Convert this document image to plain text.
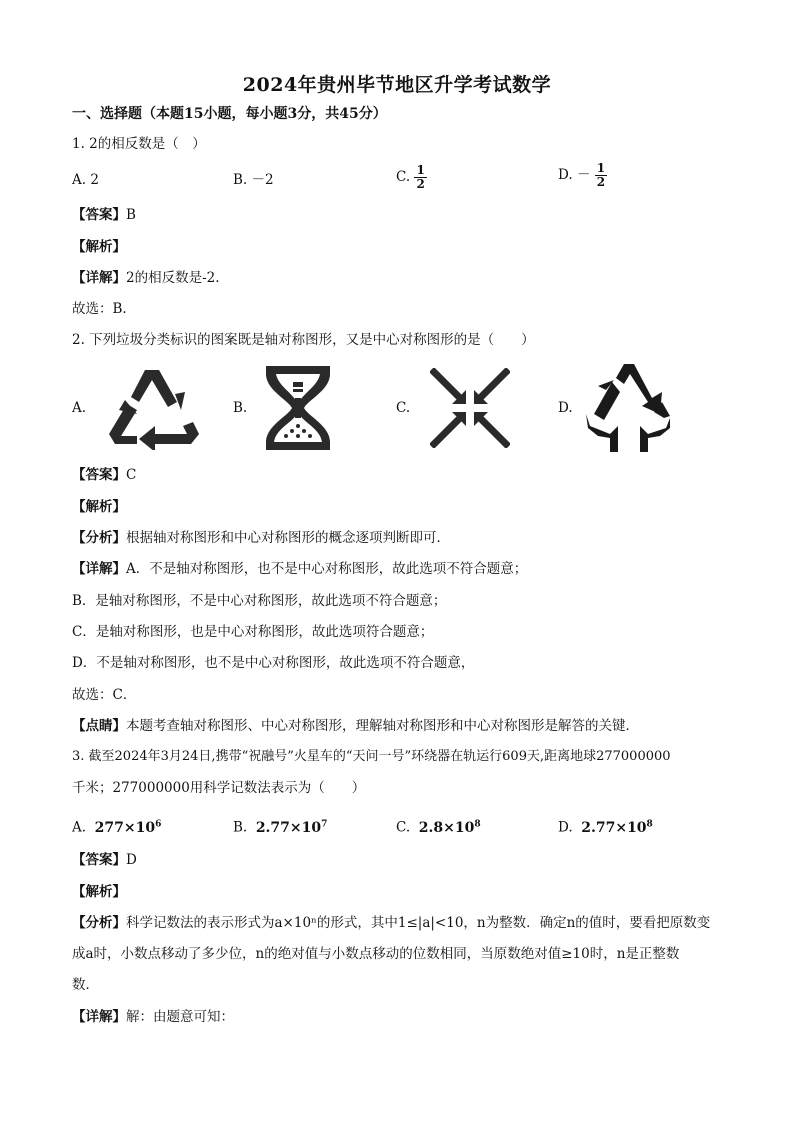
2024年贵州毕节地区升学考试数学
一、选择题（本题15小题，每小题3分，共45分）
1. 2的相反数是（　）
A. 2	B. －2	C. $\frac{1}{2}$	D. － $\frac{1}{2}$
【答案】B
【解析】
【详解】2的相反数是-2.
故选：B.
2. 下列垃圾分类标识的图案既是轴对称图形，又是中心对称图形的是（　　）
A.	B.	C.	D.
【答案】C
【解析】
【分析】根据轴对称图形和中心对称图形的概念逐项判断即可．
【详解】A．不是轴对称图形，也不是中心对称图形，故此选项不符合题意；
B．是轴对称图形，不是中心对称图形，故此选项不符合题意；
C．是轴对称图形，也是中心对称图形，故此选项符合题意；
D．不是轴对称图形，也不是中心对称图形，故此选项不符合题意，
故选：C．
【点睛】本题考查轴对称图形、中心对称图形，理解轴对称图形和中心对称图形是解答的关键．
3. 截至2024年3月24日,携带“祝融号”火星车的“天问一号”环绕器在轨运行609天,距离地球277000000
千米；277000000用科学记数法表示为（　　）
A. $277\times 10^6$	B. $2.77\times 10^7$	C. $2.8\times 10^8$	D. $2.77\times 10^8$
【答案】D
【解析】
【分析】科学记数法的表示形式为a×10ⁿ的形式，其中1≤|a|<10，n为整数．确定n的值时，要看把原数变
成a时，小数点移动了多少位，n的绝对值与小数点移动的位数相同，当原数绝对值≥10时，n是正整数
数．
【详解】解：由题意可知：
